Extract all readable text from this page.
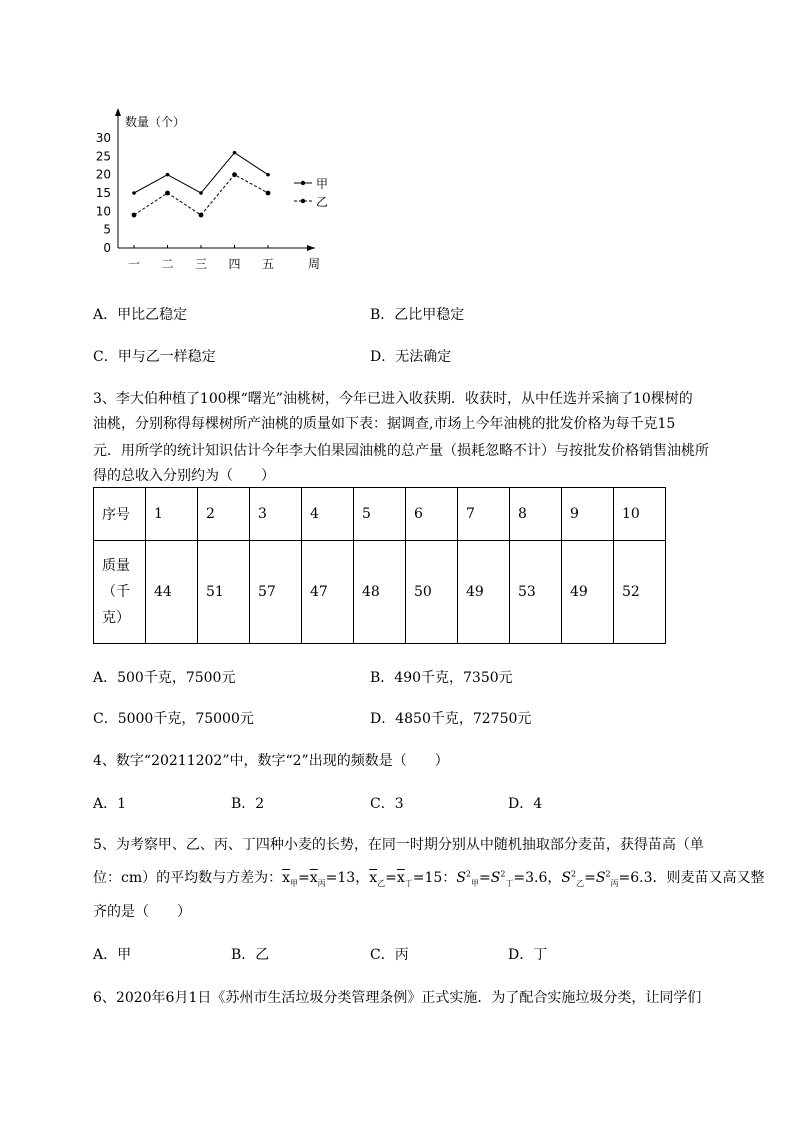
数量（个）
0
5
10
15
20
25
30
一 二 三 四 五	周
甲
乙
A．甲比乙稳定	B．乙比甲稳定
C．甲与乙一样稳定	D．无法确定
3、李大伯种植了100棵“曙光”油桃树，今年已进入收获期．收获时，从中任选并采摘了10棵树的
油桃，分别称得每棵树所产油桃的质量如下表：据调查,市场上今年油桃的批发价格为每千克15
元．用所学的统计知识估计今年李大伯果园油桃的总产量（损耗忽略不计）与按批发价格销售油桃所
得的总收入分别约为（　　）
序号	1	2	3	4	5	6	7	8	9	10

质量
（千
克）	44	51	57	47	48	50	49	53	49	52
A．500千克，7500元	B．490千克，7350元
C．5000千克，75000元	D．4850千克，72750元
4、数字“20211202”中，数字“2”出现的频数是（　　）
A．1	B．2	C．3	D．4
5、为考察甲、乙、丙、丁四种小麦的长势，在同一时期分别从中随机抽取部分麦苗，获得苗高（单
位：cm）的平均数与方差为：$\overline{x}_甲=\overline{x}_丙=13$，$\overline{x}_乙=\overline{x}_丁=15$：$S^2_甲=S^2_丁=3.6$，$S^2_乙=S^2_丙=6.3$．则麦苗又高又整
齐的是（　　）
A．甲	B．乙	C．丙	D．丁
6、2020年6月1日《苏州市生活垃圾分类管理条例》正式实施．为了配合实施垃圾分类，让同学们
